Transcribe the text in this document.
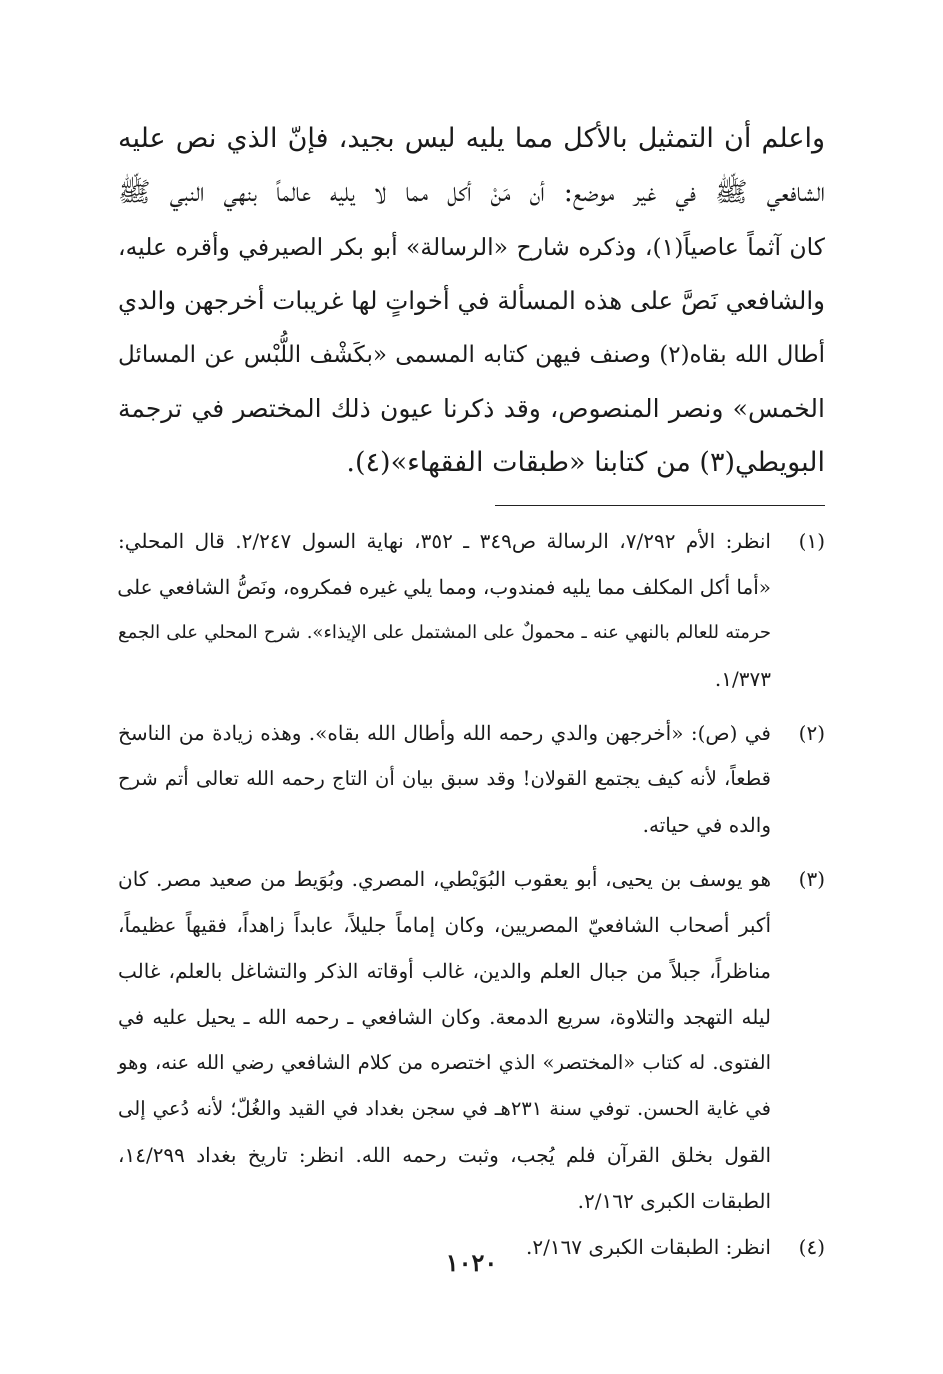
واعلم أن التمثيل بالأكل مما يليه ليس بجيد، فإنّ الذي نص عليه
الشافعي ﷺ في غير موضع: أن مَنْ أكل مما لا يليه عالماً بنهي النبي ﷺ
كان آثماً عاصياً(١)، وذكره شارح «الرسالة» أبو بكر الصيرفي وأقره عليه،
والشافعي نَصَّ على هذه المسألة في أخواتٍ لها غريبات أخرجهن والدي
أطال الله بقاه(٢) وصنف فيهن كتابه المسمى «بكَشْف اللُّبْس عن المسائل
الخمس» ونصر المنصوص، وقد ذكرنا عيون ذلك المختصر في ترجمة
البويطي(٣) من كتابنا «طبقات الفقهاء»(٤).
(١)
انظر: الأم ٧/٢٩٢، الرسالة ص٣٤٩ ـ ٣٥٢، نهاية السول ٢/٢٤٧. قال المحلي:
«أما أكل المكلف مما يليه فمندوب، ومما يلي غيره فمكروه، ونَصُّ الشافعي على
حرمته للعالم بالنهي عنه ـ محمولٌ على المشتمل على الإيذاء». شرح المحلي على الجمع
١/٣٧٣.
(٢)
في (ص): «أخرجهن والدي رحمه الله وأطال الله بقاه». وهذه زيادة من الناسخ
قطعاً، لأنه كيف يجتمع القولان! وقد سبق بيان أن التاج رحمه الله تعالى أتم شرح
والده في حياته.
(٣)
هو يوسف بن يحيى، أبو يعقوب البُوَيْطي، المصري. وبُوَيط من صعيد مصر. كان
أكبر أصحاب الشافعيّ المصريين، وكان إماماً جليلاً، عابداً زاهداً، فقيهاً عظيماً،
مناظراً، جبلاً من جبال العلم والدين، غالب أوقاته الذكر والتشاغل بالعلم، غالب
ليله التهجد والتلاوة، سريع الدمعة. وكان الشافعي ـ رحمه الله ـ يحيل عليه في
الفتوى. له كتاب «المختصر» الذي اختصره من كلام الشافعي رضي الله عنه، وهو
في غاية الحسن. توفي سنة ٢٣١هـ في سجن بغداد في القيد والغُلّ؛ لأنه دُعي إلى
القول بخلق القرآن فلم يُجب، وثبت رحمه الله. انظر: تاريخ بغداد ١٤/٢٩٩،
الطبقات الكبرى ٢/١٦٢.
(٤)
انظر: الطبقات الكبرى ٢/١٦٧.
١٠٢٠
